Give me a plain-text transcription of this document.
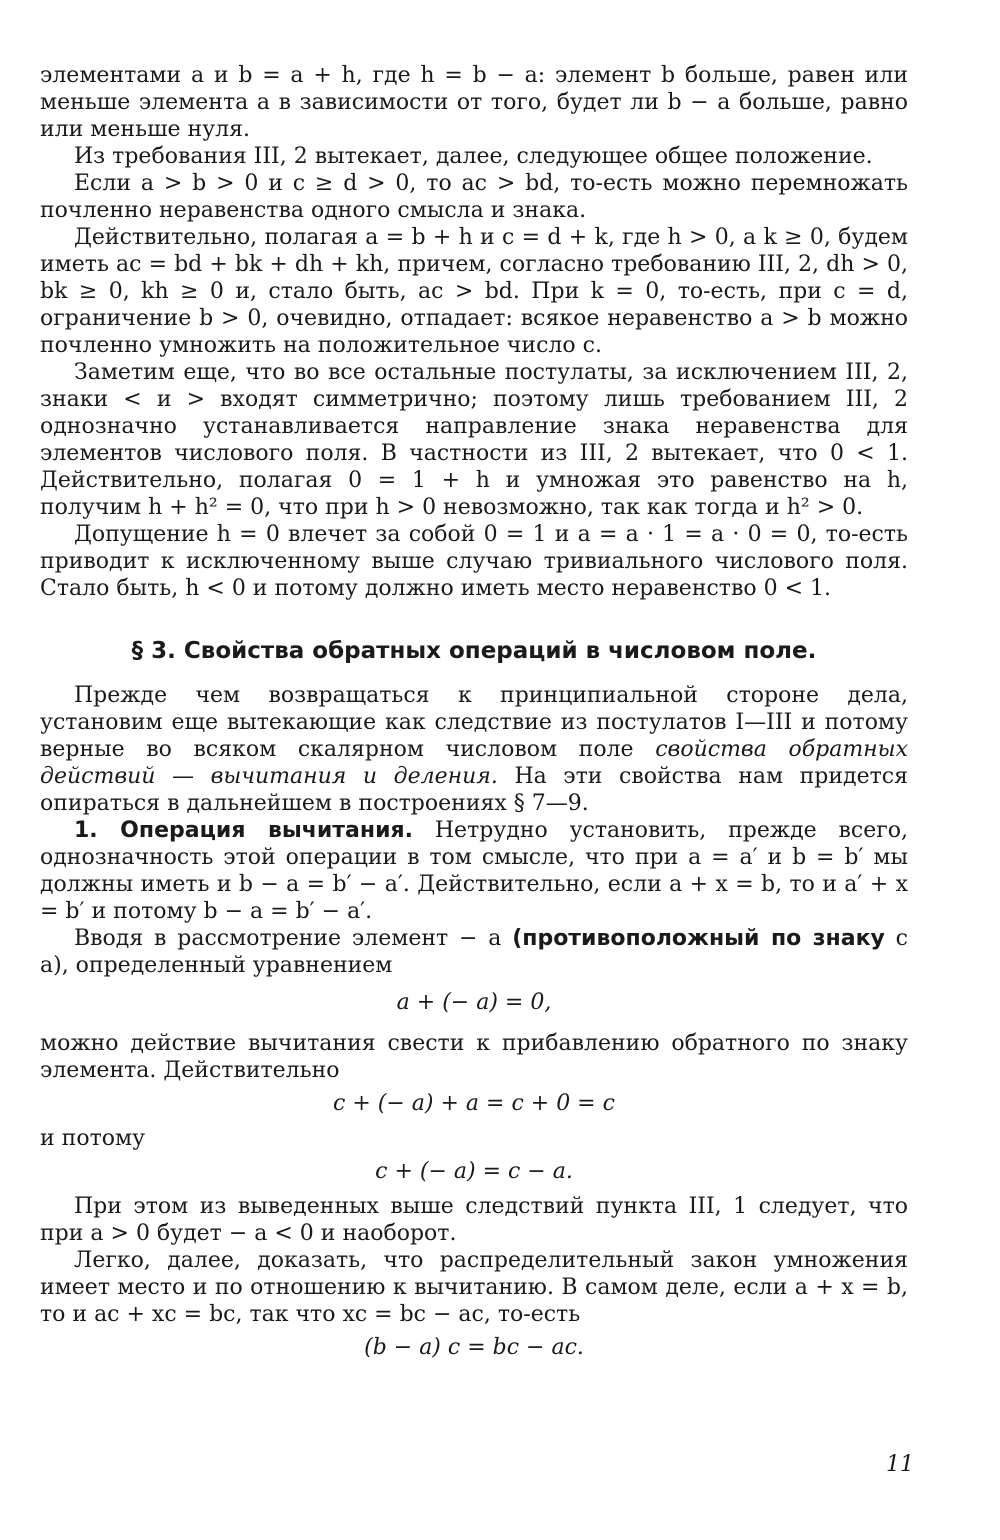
элементами a и b = a + h, где h = b − a: элемент b больше, равен или меньше элемента a в зависимости от того, будет ли b − a больше, равно или меньше нуля.

Из требования III, 2 вытекает, далее, следующее общее положение.

Если a > b > 0 и c ≥ d > 0, то ac > bd, то-есть можно перемножать почленно неравенства одного смысла и знака.

Действительно, полагая a = b + h и c = d + k, где h > 0, а k ≥ 0, будем иметь ac = bd + bk + dh + kh, причем, согласно требованию III, 2, dh > 0, bk ≥ 0, kh ≥ 0 и, стало быть, ac > bd. При k = 0, то-есть, при c = d, ограничение b > 0, очевидно, отпадает: всякое неравенство a > b можно почленно умножить на положительное число c.

Заметим еще, что во все остальные постулаты, за исключением III, 2, знаки < и > входят симметрично; поэтому лишь требованием III, 2 однозначно устанавливается направление знака неравенства для элементов числового поля. В частности из III, 2 вытекает, что 0 < 1. Действительно, полагая 0 = 1 + h и умножая это равенство на h, получим h + h² = 0, что при h > 0 невозможно, так как тогда и h² > 0.

Допущение h = 0 влечет за собой 0 = 1 и a = a · 1 = a · 0 = 0, то-есть приводит к исключенному выше случаю тривиального числового поля. Стало быть, h < 0 и потому должно иметь место неравенство 0 < 1.

§ 3. Свойства обратных операций в числовом поле.

Прежде чем возвращаться к принципиальной стороне дела, установим еще вытекающие как следствие из постулатов I—III и потому верные во всяком скалярном числовом поле свойства обратных действий — вычитания и деления. На эти свойства нам придется опираться в дальнейшем в построениях § 7—9.

1. Операция вычитания. Нетрудно установить, прежде всего, однозначность этой операции в том смысле, что при a = a′ и b = b′ мы должны иметь и b − a = b′ − a′. Действительно, если a + x = b, то и a′ + x = b′ и потому b − a = b′ − a′.

Вводя в рассмотрение элемент − a (противоположный по знаку с a), определенный уравнением

a + (− a) = 0,

можно действие вычитания свести к прибавлению обратного по знаку элемента. Действительно

c + (− a) + a = c + 0 = c

и потому

c + (− a) = c − a.

При этом из выведенных выше следствий пункта III, 1 следует, что при a > 0 будет − a < 0 и наоборот.

Легко, далее, доказать, что распределительный закон умножения имеет место и по отношению к вычитанию. В самом деле, если a + x = b, то и ac + xc = bc, так что xc = bc − ac, то-есть

(b − a) c = bc − ac.
11
